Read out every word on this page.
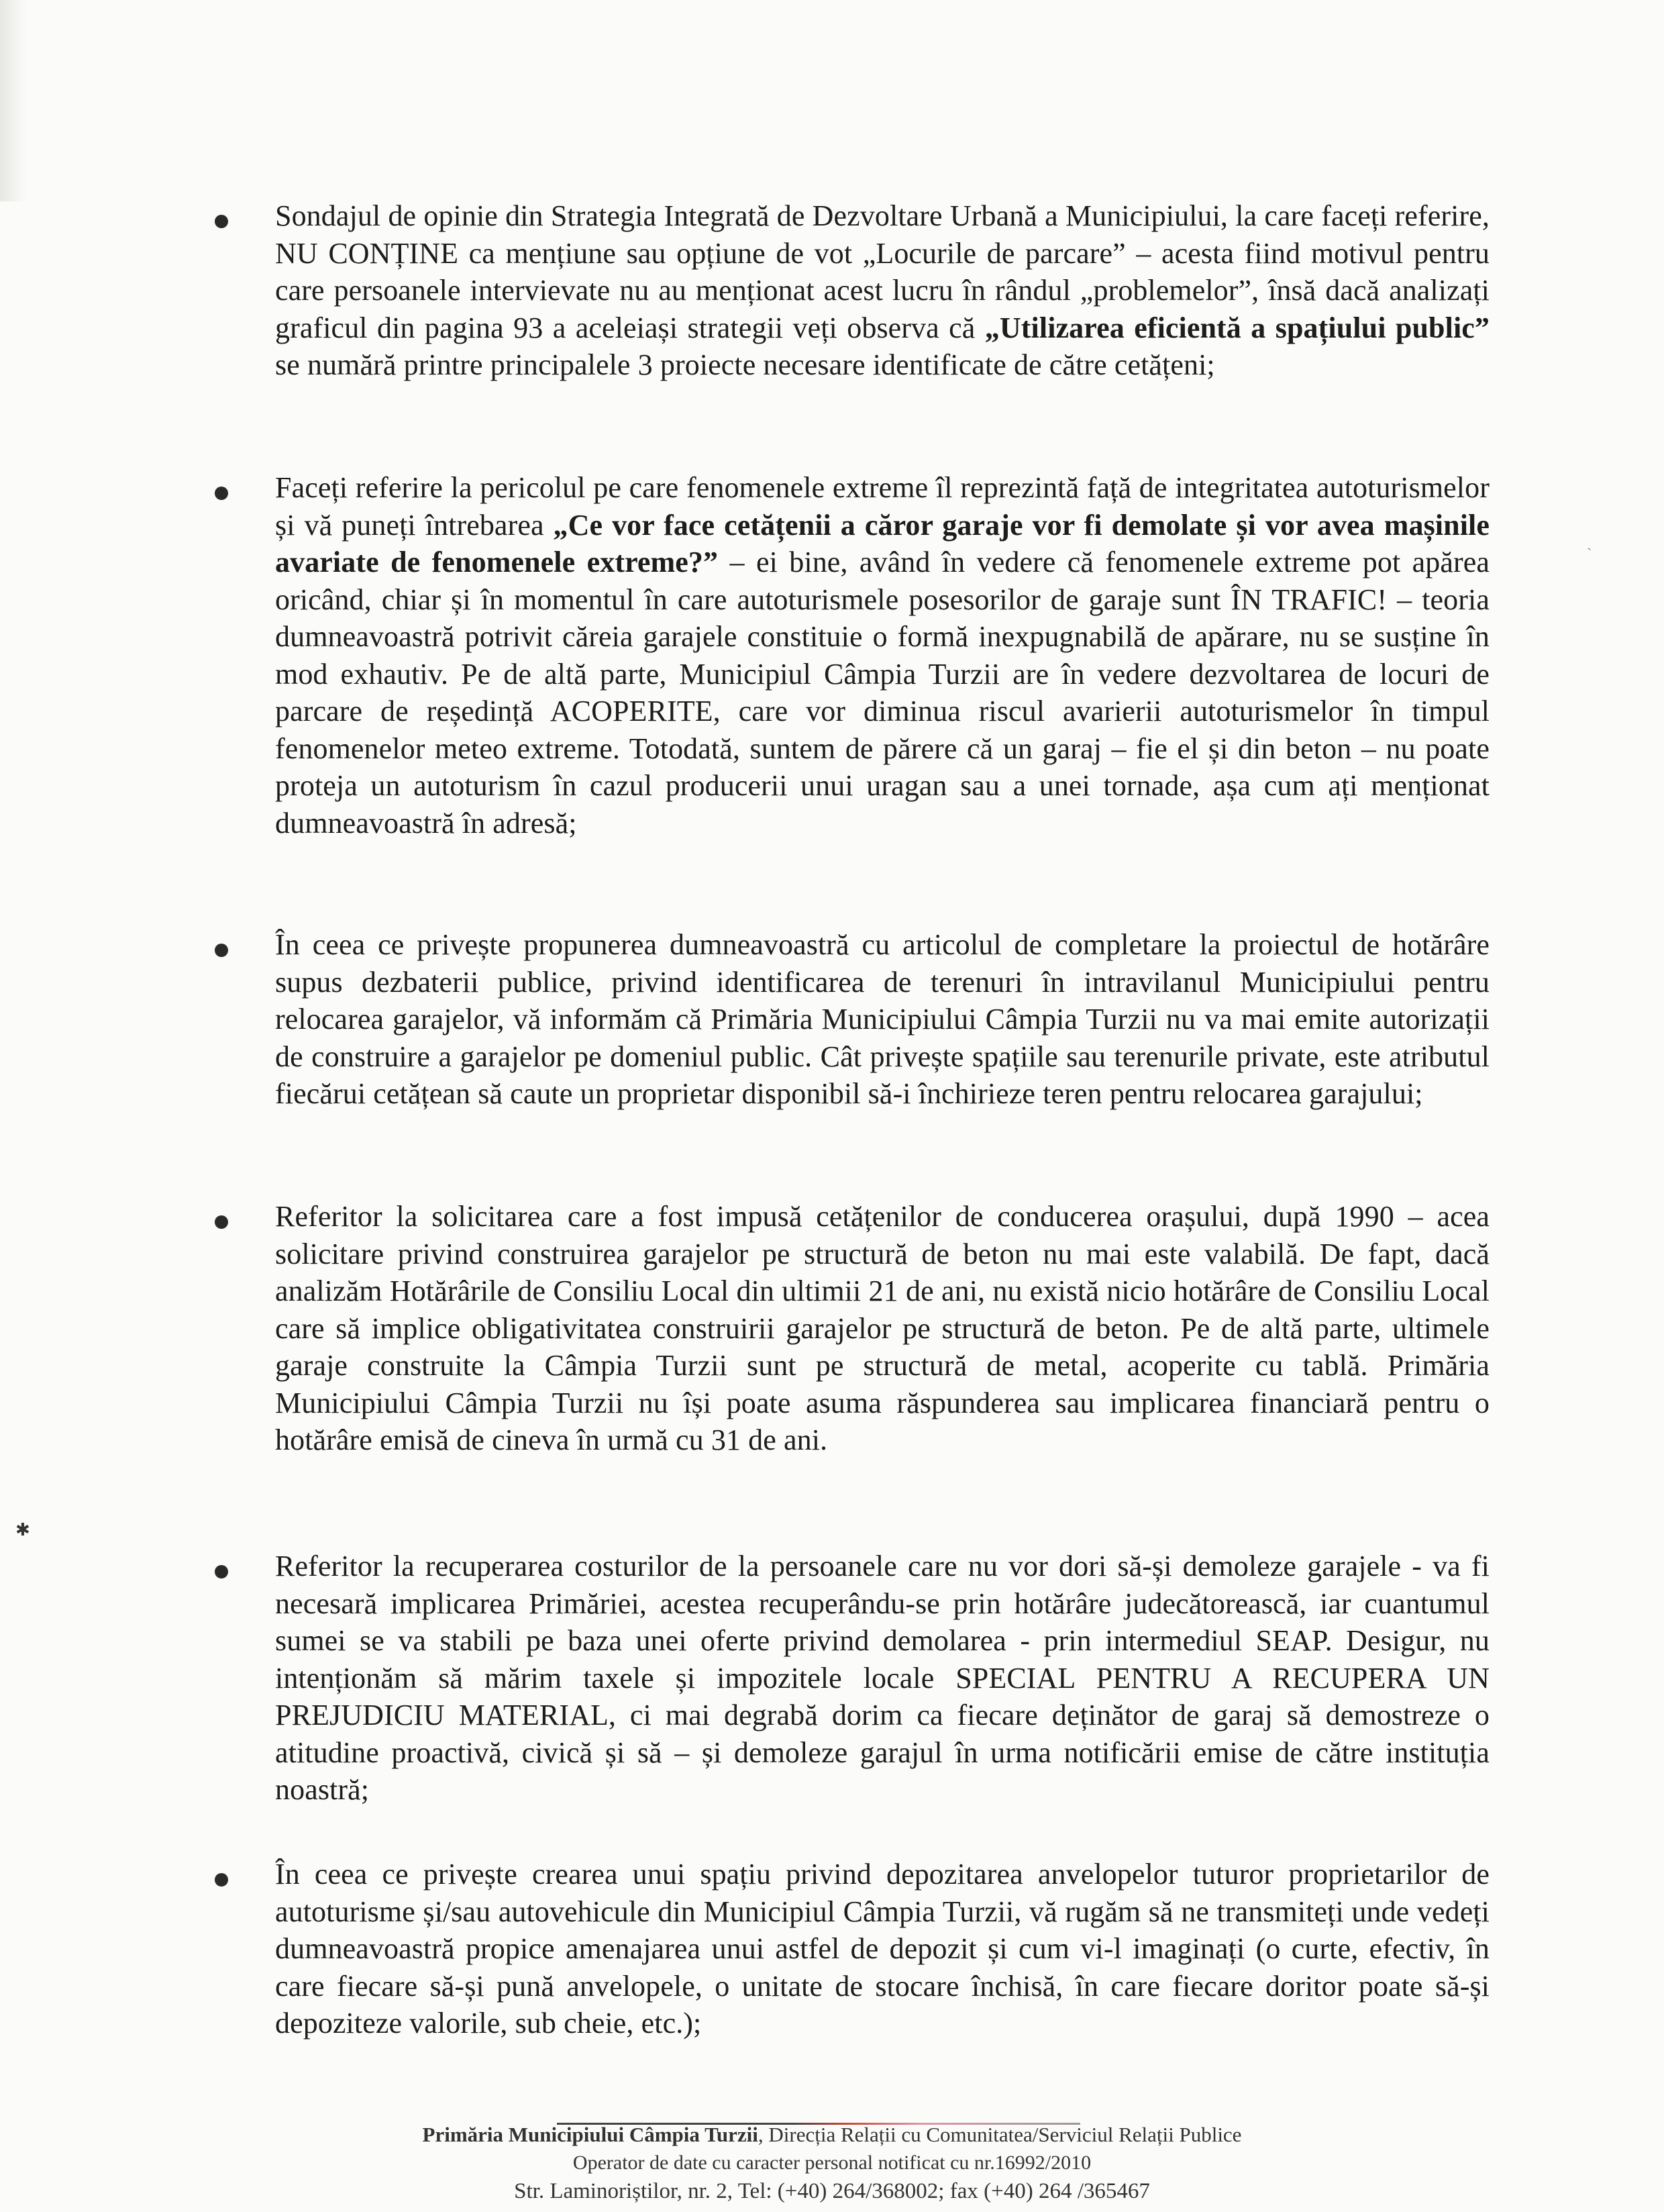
✱
ˋ

Sondajul de opinie din Strategia Integrată de Dezvoltare Urbană a Municipiului, la care faceți referire, NU CONȚINE ca mențiune sau opțiune de vot „Locurile de parcare” – acesta fiind motivul pentru care persoanele intervievate nu au menționat acest lucru în rândul „problemelor”, însă dacă analizați graficul din pagina 93 a aceleiași strategii veți observa că „Utilizarea eficientă a spațiului public” se numără printre principalele 3 proiecte necesare identificate de către cetățeni;

Faceți referire la pericolul pe care fenomenele extreme îl reprezintă față de integritatea autoturismelor și vă puneți întrebarea „Ce vor face cetățenii a căror garaje vor fi demolate și vor avea mașinile avariate de fenomenele extreme?” – ei bine, având în vedere că fenomenele extreme pot apărea oricând, chiar și în momentul în care autoturismele posesorilor de garaje sunt ÎN TRAFIC! – teoria dumneavoastră potrivit căreia garajele constituie o formă inexpugnabilă de apărare, nu se susține în mod exhautiv. Pe de altă parte, Municipiul Câmpia Turzii are în vedere dezvoltarea de locuri de parcare de reședință ACOPERITE, care vor diminua riscul avarierii autoturismelor în timpul fenomenelor meteo extreme. Totodată, suntem de părere că un garaj – fie el și din beton – nu poate proteja un autoturism în cazul producerii unui uragan sau a unei tornade, așa cum ați menționat dumneavoastră în adresă;

În ceea ce privește propunerea dumneavoastră cu articolul de completare la proiectul de hotărâre supus dezbaterii publice, privind identificarea de terenuri în intravilanul Municipiului pentru relocarea garajelor, vă informăm că Primăria Municipiului Câmpia Turzii nu va mai emite autorizații de construire a garajelor pe domeniul public. Cât privește spațiile sau terenurile private, este atributul fiecărui cetățean să caute un proprietar disponibil să-i închirieze teren pentru relocarea garajului;

Referitor la solicitarea care a fost impusă cetățenilor de conducerea orașului, după 1990 – acea solicitare privind construirea garajelor pe structură de beton nu mai este valabilă. De fapt, dacă analizăm Hotărârile de Consiliu Local din ultimii 21 de ani, nu există nicio hotărâre de Consiliu Local care să implice obligativitatea construirii garajelor pe structură de beton. Pe de altă parte, ultimele garaje construite la Câmpia Turzii sunt pe structură de metal, acoperite cu tablă. Primăria Municipiului Câmpia Turzii nu își poate asuma răspunderea sau implicarea financiară pentru o hotărâre emisă de cineva în urmă cu 31 de ani.

Referitor la recuperarea costurilor de la persoanele care nu vor dori să-și demoleze garajele - va fi necesară implicarea Primăriei, acestea recuperându-se prin hotărâre judecătorească, iar cuantumul sumei se va stabili pe baza unei oferte privind demolarea - prin intermediul SEAP. Desigur, nu intenționăm să mărim taxele și impozitele locale SPECIAL PENTRU A RECUPERA UN PREJUDICIU MATERIAL, ci mai degrabă dorim ca fiecare deținător de garaj să demostreze o atitudine proactivă, civică și să – și demoleze garajul în urma notificării emise de către instituția noastră;

În ceea ce privește crearea unui spațiu privind depozitarea anvelopelor tuturor proprietarilor de autoturisme și/sau autovehicule din Municipiul Câmpia Turzii, vă rugăm să ne transmiteți unde vedeți dumneavoastră propice amenajarea unui astfel de depozit și cum vi-l imaginați (o curte, efectiv, în care fiecare să-și pună anvelopele, o unitate de stocare închisă, în care fiecare doritor poate să-și depoziteze valorile, sub cheie, etc.);

Primăria Municipiului Câmpia Turzii, Direcția Relații cu Comunitatea/Serviciul Relații Publice
Operator de date cu caracter personal notificat cu nr.16992/2010
Str. Laminoriștilor, nr. 2, Tel: (+40) 264/368002; fax (+40) 264 /365467
